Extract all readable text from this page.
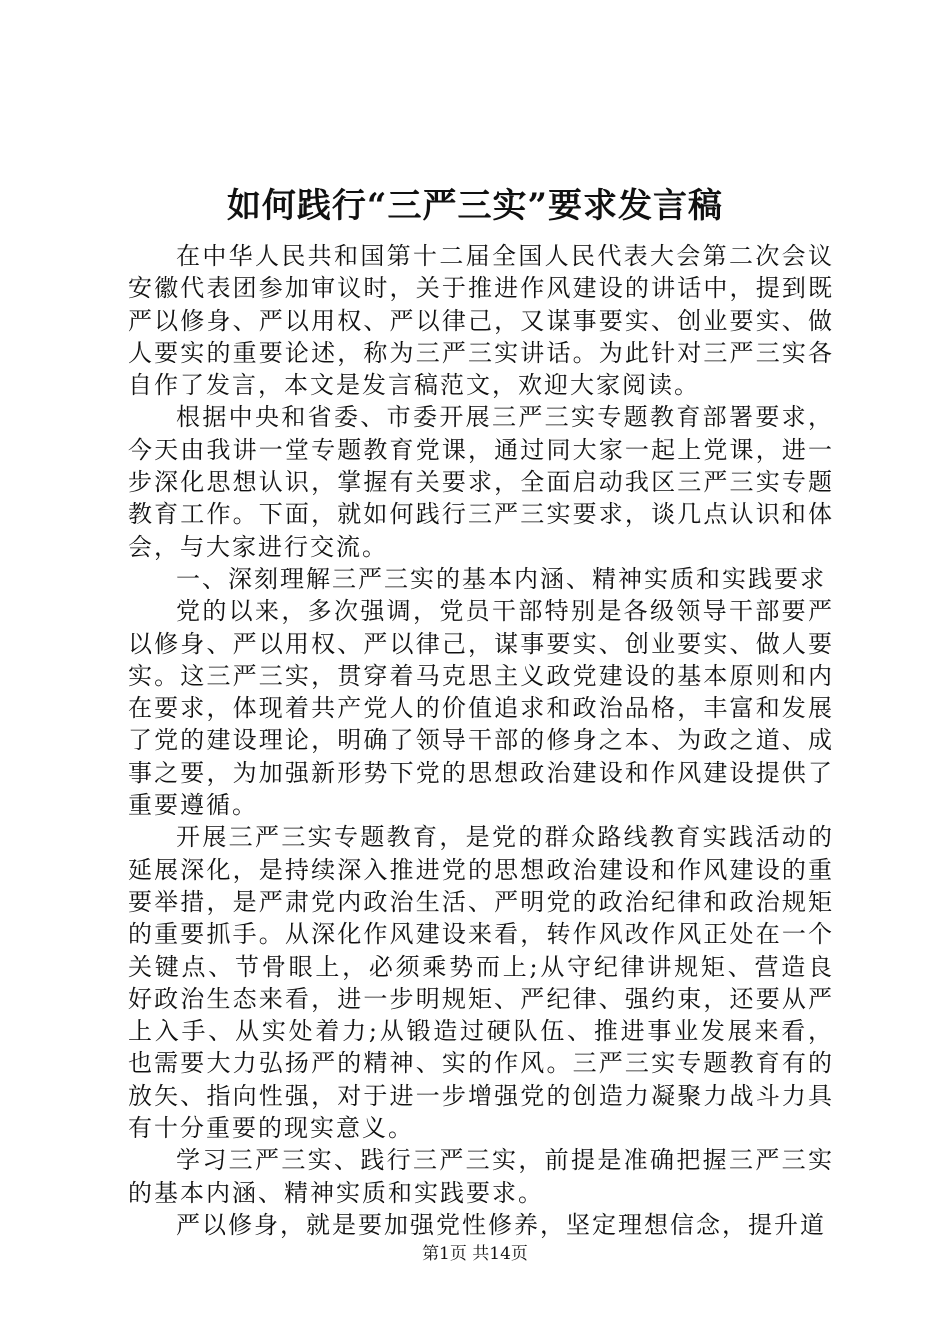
如何践行“三严三实”要求发言稿

在中华人民共和国第十二届全国人民代表大会第二次会议安徽代表团参加审议时，关于推进作风建设的讲话中，提到既严以修身、严以用权、严以律己，又谋事要实、创业要实、做人要实的重要论述，称为三严三实讲话。为此针对三严三实各自作了发言，本文是发言稿范文，欢迎大家阅读。

根据中央和省委、市委开展三严三实专题教育部署要求，今天由我讲一堂专题教育党课，通过同大家一起上党课，进一步深化思想认识，掌握有关要求，全面启动我区三严三实专题教育工作。下面，就如何践行三严三实要求，谈几点认识和体会，与大家进行交流。

一、深刻理解三严三实的基本内涵、精神实质和实践要求

党的以来，多次强调，党员干部特别是各级领导干部要严以修身、严以用权、严以律己，谋事要实、创业要实、做人要实。这三严三实，贯穿着马克思主义政党建设的基本原则和内在要求，体现着共产党人的价值追求和政治品格，丰富和发展了党的建设理论，明确了领导干部的修身之本、为政之道、成事之要，为加强新形势下党的思想政治建设和作风建设提供了重要遵循。

开展三严三实专题教育，是党的群众路线教育实践活动的延展深化，是持续深入推进党的思想政治建设和作风建设的重要举措，是严肃党内政治生活、严明党的政治纪律和政治规矩的重要抓手。从深化作风建设来看，转作风改作风正处在一个关键点、节骨眼上，必须乘势而上;从守纪律讲规矩、营造良好政治生态来看，进一步明规矩、严纪律、强约束，还要从严上入手、从实处着力;从锻造过硬队伍、推进事业发展来看，也需要大力弘扬严的精神、实的作风。三严三实专题教育有的放矢、指向性强，对于进一步增强党的创造力凝聚力战斗力具有十分重要的现实意义。

学习三严三实、践行三严三实，前提是准确把握三严三实的基本内涵、精神实质和实践要求。

严以修身，就是要加强党性修养，坚定理想信念，提升道

第1页 共14页
